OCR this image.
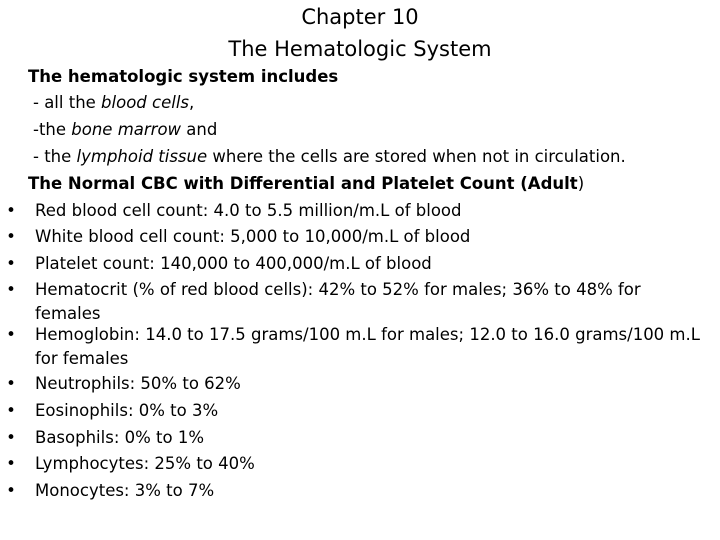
Chapter 10
The Hematologic System
The hematologic system includes
- all the blood cells,
-the bone marrow and
- the lymphoid tissue where the cells are stored when not in circulation.
The Normal CBC with Differential and Platelet Count (Adult)
• Red blood cell count: 4.0 to 5.5 million/m.L of blood
• White blood cell count: 5,000 to 10,000/m.L of blood
• Platelet count: 140,000 to 400,000/m.L of blood
• Hematocrit (% of red blood cells): 42% to 52% for males; 36% to 48% for females
• Hemoglobin: 14.0 to 17.5 grams/100 m.L for males; 12.0 to 16.0 grams/100 m.L for females
• Neutrophils: 50% to 62%
• Eosinophils: 0% to 3%
• Basophils: 0% to 1%
• Lymphocytes: 25% to 40%
• Monocytes: 3% to 7%
